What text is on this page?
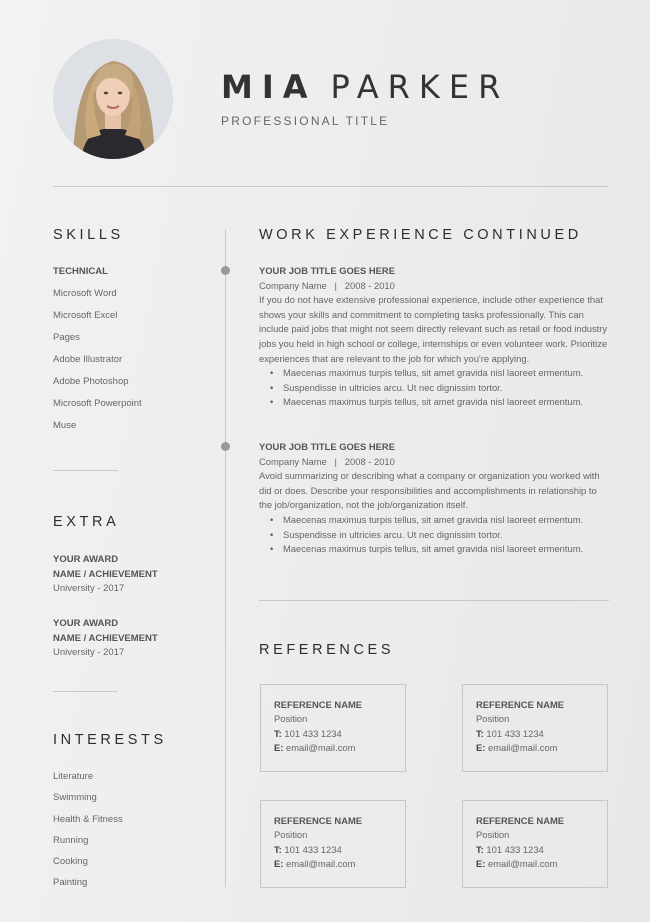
MIA PARKER
PROFESSIONAL TITLE
SKILLS
TECHNICAL
Microsoft Word
Microsoft Excel
Pages
Adobe Illustrator
Adobe Photoshop
Microsoft Powerpoint
Muse
EXTRA
YOUR AWARD
NAME / ACHIEVEMENT
University - 2017
YOUR AWARD
NAME / ACHIEVEMENT
University - 2017
INTERESTS
Literature
Swimming
Health & Fitness
Running
Cooking
Painting
WORK EXPERIENCE CONTINUED
YOUR JOB TITLE GOES HERE
Company Name   |   2008 - 2010
If you do not have extensive professional experience, include other experience that shows your skills and commitment to completing tasks professionally. This can include paid jobs that might not seem directly relevant such as retail or food industry jobs you held in high school or college, internships or even volunteer work. Prioritize experiences that are relevant to the job for which you're applying.
• Maecenas maximus turpis tellus, sit amet gravida nisl laoreet ermentum.
• Suspendisse in ultricies arcu. Ut nec dignissim tortor.
• Maecenas maximus turpis tellus, sit amet gravida nisl laoreet ermentum.
YOUR JOB TITLE GOES HERE
Company Name   |   2008 - 2010
Avoid summarizing or describing what a company or organization you worked with did or does. Describe your responsibilities and accomplishments in relationship to the job/organization, not the job/organization itself.
• Maecenas maximus turpis tellus, sit amet gravida nisl laoreet ermentum.
• Suspendisse in ultricies arcu. Ut nec dignissim tortor.
• Maecenas maximus turpis tellus, sit amet gravida nisl laoreet ermentum.
REFERENCES
REFERENCE NAME
Position
T: 101 433 1234
E: email@mail.com
REFERENCE NAME
Position
T: 101 433 1234
E: email@mail.com
REFERENCE NAME
Position
T: 101 433 1234
E: email@mail.com
REFERENCE NAME
Position
T: 101 433 1234
E: email@mail.com
